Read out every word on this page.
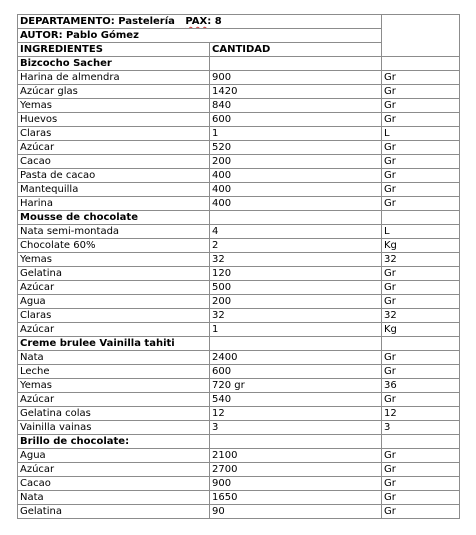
DEPARTAMENTO: Pastelería PAX: 8		
AUTOR: Pablo Gómez		
INGREDIENTES	CANTIDAD	
Bizcocho Sacher		
Harina de almendra	900	Gr
Azúcar glas	1420	Gr
Yemas	840	Gr
Huevos	600	Gr
Claras	1	L
Azúcar	520	Gr
Cacao	200	Gr
Pasta de cacao	400	Gr
Mantequilla	400	Gr
Harina	400	Gr
Mousse de chocolate		
Nata semi-montada	4	L
Chocolate 60%	2	Kg
Yemas	32	32
Gelatina	120	Gr
Azúcar	500	Gr
Agua	200	Gr
Claras	32	32
Azúcar	1	Kg
Creme brulee Vainilla tahiti		
Nata	2400	Gr
Leche	600	Gr
Yemas	720 gr	36
Azúcar	540	Gr
Gelatina colas	12	12
Vainilla vainas	3	3
Brillo de chocolate:		
Agua	2100	Gr
Azúcar	2700	Gr
Cacao	900	Gr
Nata	1650	Gr
Gelatina	90	Gr
